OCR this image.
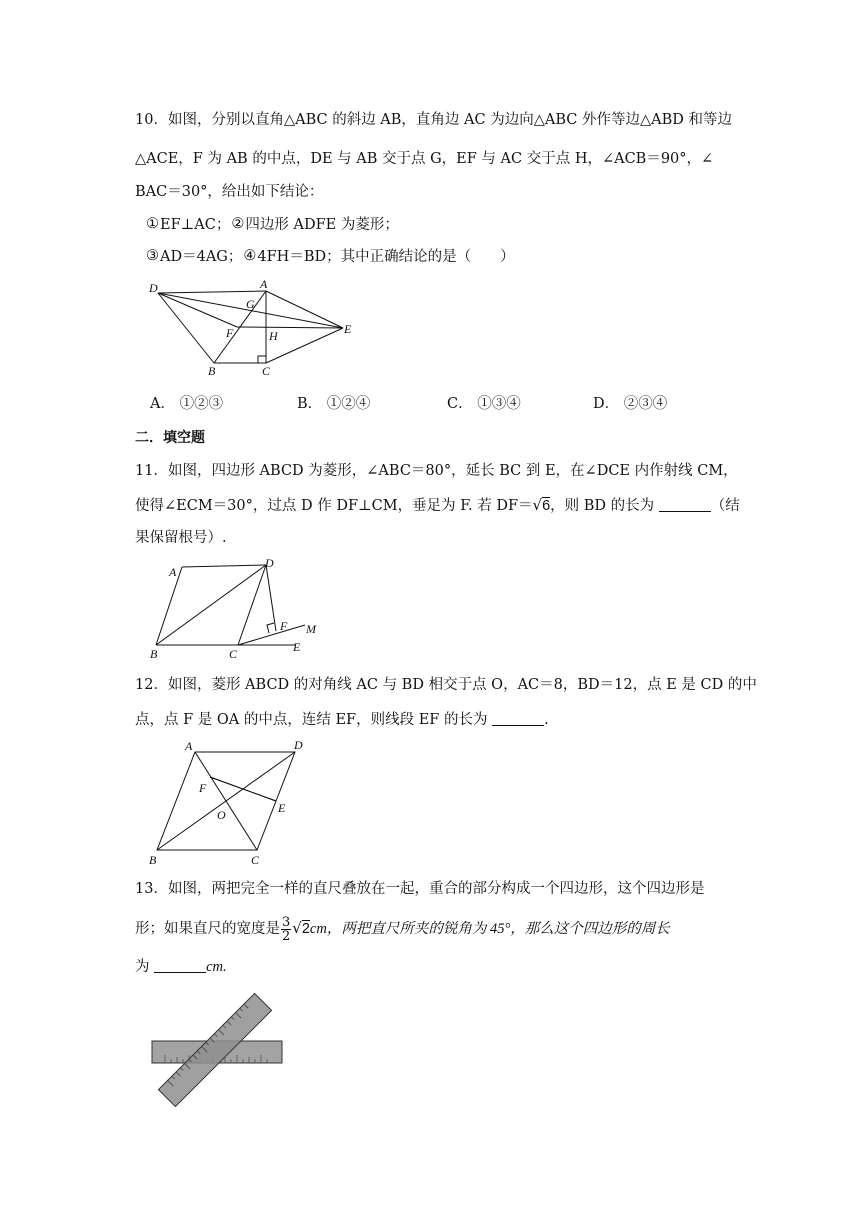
10．如图，分别以直角△ABC 的斜边 AB，直角边 AC 为边向△ABC 外作等边△ABD 和等边
△ACE，F 为 AB 的中点，DE 与 AB 交于点 G，EF 与 AC 交于点 H，∠ACB＝90°，∠
BAC＝30°，给出如下结论：
①EF⊥AC；②四边形 ADFE 为菱形；
③AD＝4AG；④4FH＝BD；其中正确结论的是（　　）
D	A
G
F	H	E
B	C
A． ①②③	B． ①②④	C． ①③④	D． ②③④
二．填空题
11．如图，四边形 ABCD 为菱形，∠ABC＝80°，延长 BC 到 E，在∠DCE 内作射线 CM，
使得∠ECM＝30°，过点 D 作 DF⊥CM，垂足为 F. 若 DF＝√6，则 BD 的长为	（结
果保留根号）.
A
D
F M
B	C	E
12．如图，菱形 ABCD 的对角线 AC 与 BD 相交于点 O，AC＝8，BD＝12，点 E 是 CD 的中
点，点 F 是 OA 的中点，连结 EF，则线段 EF 的长为	.
A	D
F
E
O
B	C
13．如图，两把完全一样的直尺叠放在一起，重合的部分构成一个四边形，这个四边形是
形；如果直尺的宽度是 $\frac{3}{2} √2cm$，两把直尺所夹的锐角为 45°，那么这个四边形的周长
为	cm.
